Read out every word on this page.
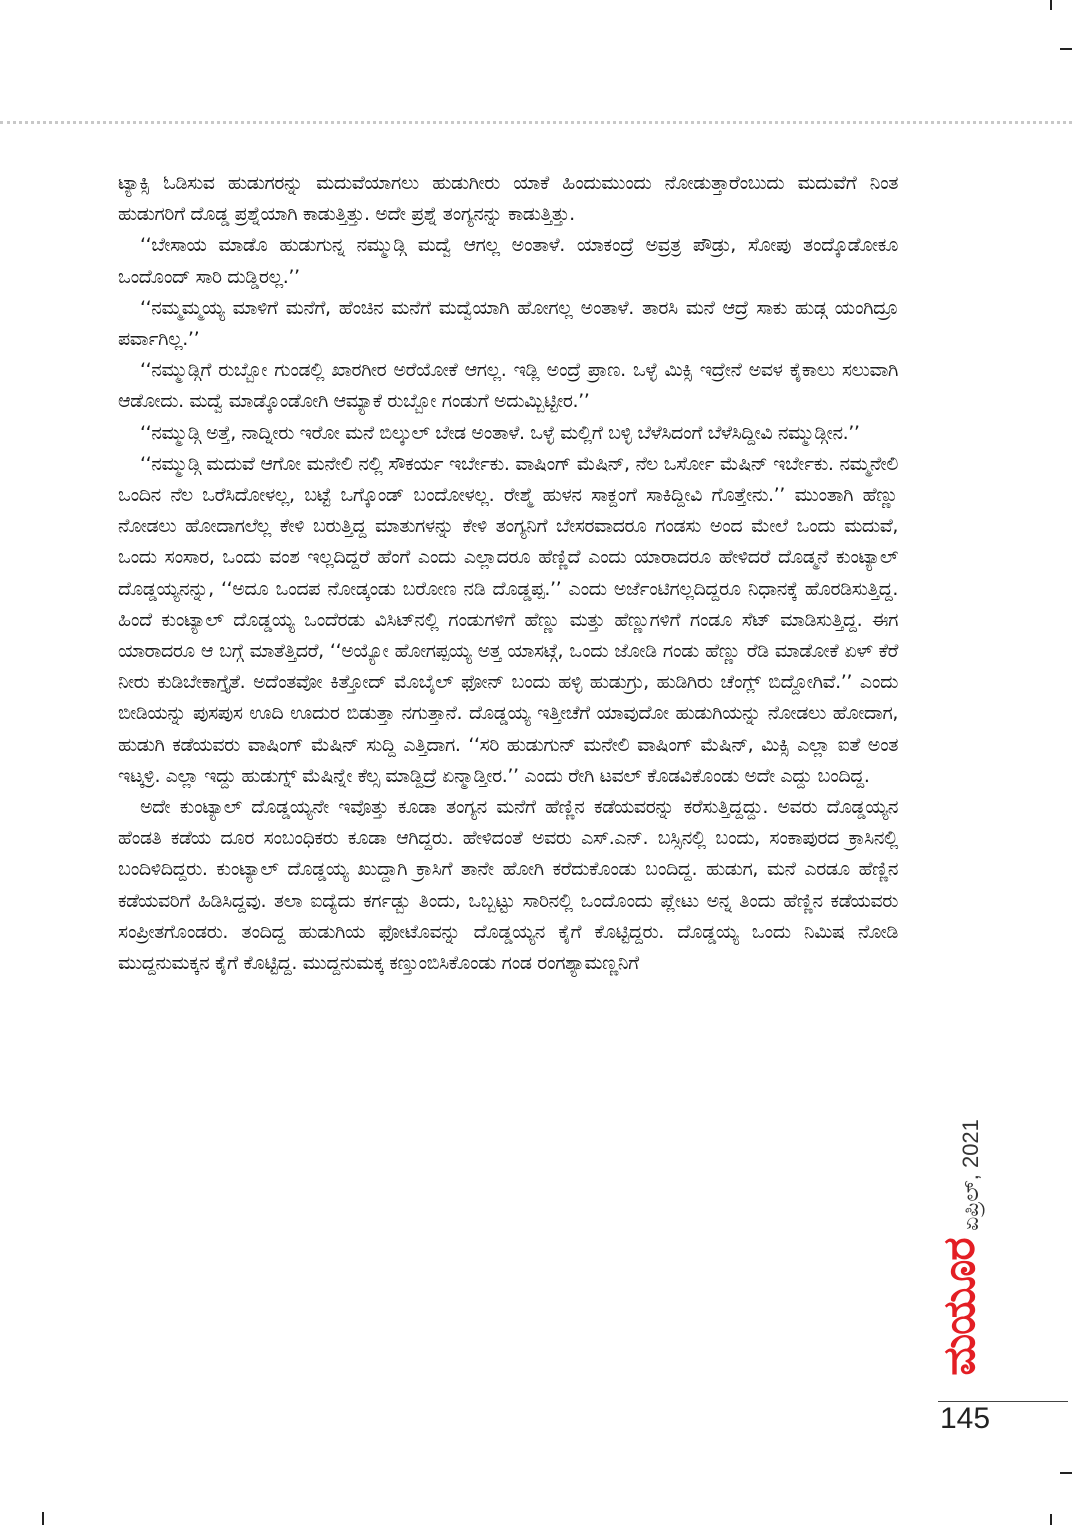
ಟ್ಯಾಕ್ಸಿ ಓಡಿಸುವ ಹುಡುಗರನ್ನು ಮದುವೆಯಾಗಲು ಹುಡುಗೀರು ಯಾಕೆ ಹಿಂದುಮುಂದು ನೋಡುತ್ತಾರೆಂಬುದು ಮದುವೆಗೆ ನಿಂತ ಹುಡುಗರಿಗೆ ದೊಡ್ಡ ಪ್ರಶ್ನೆಯಾಗಿ ಕಾಡುತ್ತಿತ್ತು. ಅದೇ ಪ್ರಶ್ನೆ ತಂಗ್ಯನನ್ನು ಕಾಡುತ್ತಿತ್ತು.

‘‘ಬೇಸಾಯ ಮಾಡೊ ಹುಡುಗುನ್ನ ನಮ್ಮುಡ್ಗಿ ಮದ್ವೆ ಆಗಲ್ಲ ಅಂತಾಳೆ. ಯಾಕಂದ್ರೆ ಅವ್ರತ್ರ ಪೌಡ್ರು, ಸೋಪು ತಂದ್ಕೊಡೋಕೂ ಒಂದೊಂದ್ ಸಾರಿ ದುಡ್ಡಿರಲ್ಲ.’’

‘‘ನಮ್ಮಮ್ಮಯ್ಯ ಮಾಳಿಗೆ ಮನೆಗೆ, ಹೆಂಚಿನ ಮನೆಗೆ ಮದ್ವೆಯಾಗಿ ಹೋಗಲ್ಲ ಅಂತಾಳೆ. ತಾರಸಿ ಮನೆ ಆದ್ರೆ ಸಾಕು ಹುಡ್ಗ ಯಂಗಿದ್ರೂ ಪರ್ವಾಗಿಲ್ಲ.’’

‘‘ನಮ್ಮುಡ್ಗಿಗೆ ರುಬ್ಬೋ ಗುಂಡಲ್ಲಿ ಖಾರಗೀರ ಅರೆಯೋಕೆ ಆಗಲ್ಲ. ಇಡ್ಲಿ ಅಂದ್ರೆ ಪ್ರಾಣ. ಒಳ್ಳೆ ಮಿಕ್ಸಿ ಇದ್ರೇನೆ ಅವಳ ಕೈಕಾಲು ಸಲುವಾಗಿ ಆಡೋದು. ಮದ್ವೆ ಮಾಡ್ಕೊಂಡೋಗಿ ಆಮ್ಯಾಕೆ ರುಬ್ಬೋ ಗಂಡುಗೆ ಅದುಮ್ಬಿಟ್ಟೀರ.’’

‘‘ನಮ್ಮುಡ್ಗಿ ಅತ್ತೆ, ನಾದ್ನೀರು ಇರೋ ಮನೆ ಬಿಲ್ಕುಲ್ ಬೇಡ ಅಂತಾಳೆ. ಒಳ್ಳೆ ಮಲ್ಲಿಗೆ ಬಳ್ಳಿ ಬೆಳೆಸಿದಂಗೆ ಬೆಳೆಸಿದ್ದೀವಿ ನಮ್ಮುಡ್ಗೀನ.’’

‘‘ನಮ್ಮುಡ್ಗಿ ಮದುವೆ ಆಗೋ ಮನೇಲಿ ನಲ್ಲಿ ಸೌಕರ್ಯ ಇರ್ಬೇಕು. ವಾಷಿಂಗ್ ಮೆಷಿನ್, ನೆಲ ಒರ್ಸೋ ಮೆಷಿನ್ ಇರ್ಬೇಕು. ನಮ್ಮನೇಲಿ ಒಂದಿನ ನೆಲ ಒರೆಸಿದೋಳಲ್ಲ, ಬಟ್ಟೆ ಒಗ್ಕೊಂಡ್ ಬಂದೋಳಲ್ಲ. ರೇಶ್ಮೆ ಹುಳನ ಸಾಕ್ದಂಗೆ ಸಾಕಿದ್ದೀವಿ ಗೊತ್ತೇನು.’’ ಮುಂತಾಗಿ ಹೆಣ್ಣು ನೋಡಲು ಹೋದಾಗಲೆಲ್ಲ ಕೇಳಿ ಬರುತ್ತಿದ್ದ ಮಾತುಗಳನ್ನು ಕೇಳಿ ತಂಗ್ಯನಿಗೆ ಬೇಸರವಾದರೂ ಗಂಡಸು ಅಂದ ಮೇಲೆ ಒಂದು ಮದುವೆ, ಒಂದು ಸಂಸಾರ, ಒಂದು ವಂಶ ಇಲ್ಲದಿದ್ದರೆ ಹೆಂಗೆ ಎಂದು ಎಲ್ಲಾದರೂ ಹೆಣ್ಣಿದೆ ಎಂದು ಯಾರಾದರೂ ಹೇಳಿದರೆ ದೊಡ್ಮನೆ ಕುಂಟ್ಯಾಲ್ ದೊಡ್ಡಯ್ಯನನ್ನು, ‘‘ಅದೂ ಒಂದಪ ನೋಡ್ಕಂಡು ಬರೋಣ ನಡಿ ದೊಡ್ಡಪ್ಪ.’’ ಎಂದು ಅರ್ಜೆಂಟಿಗಲ್ಲದಿದ್ದರೂ ನಿಧಾನಕ್ಕೆ ಹೊರಡಿಸುತ್ತಿದ್ದ. ಹಿಂದೆ ಕುಂಟ್ಯಾಲ್ ದೊಡ್ಡಯ್ಯ ಒಂದೆರಡು ವಿಸಿಟ್‌ನಲ್ಲಿ ಗಂಡುಗಳಿಗೆ ಹೆಣ್ಣು ಮತ್ತು ಹೆಣ್ಣುಗಳಿಗೆ ಗಂಡೂ ಸೆಟ್ ಮಾಡಿಸುತ್ತಿದ್ದ. ಈಗ ಯಾರಾದರೂ ಆ ಬಗ್ಗೆ ಮಾತೆತ್ತಿದರೆ, ‘‘ಅಯ್ಯೋ ಹೋಗಪ್ಪಯ್ಯ ಅತ್ತ ಯಾಸಟ್ಗೆ, ಒಂದು ಜೋಡಿ ಗಂಡು ಹೆಣ್ಣು ರೆಡಿ ಮಾಡೋಕೆ ಏಳ್ ಕೆರೆ ನೀರು ಕುಡಿಬೇಕಾಗ್ತೈತೆ. ಅದೆಂತವೋ ಕಿತ್ತೋದ್ ಮೊಬೈಲ್ ಫೋನ್ ಬಂದು ಹಳ್ಳಿ ಹುಡುಗ್ರು, ಹುಡಿಗಿರು ಚೆಂಗ್ಲ್ ಬಿದ್ದೋಗಿವೆ.’’ ಎಂದು ಬೀಡಿಯನ್ನು ಪುಸಪುಸ ಊದಿ ಊದುರ ಬಿಡುತ್ತಾ ನಗುತ್ತಾನೆ. ದೊಡ್ಡಯ್ಯ ಇತ್ತೀಚೆಗೆ ಯಾವುದೋ ಹುಡುಗಿಯನ್ನು ನೋಡಲು ಹೋದಾಗ, ಹುಡುಗಿ ಕಡೆಯವರು ವಾಷಿಂಗ್ ಮೆಷಿನ್ ಸುದ್ದಿ ಎತ್ತಿದಾಗ. ‘‘ಸರಿ ಹುಡುಗುನ್ ಮನೇಲಿ ವಾಷಿಂಗ್ ಮೆಷಿನ್, ಮಿಕ್ಸಿ ಎಲ್ಲಾ ಐತೆ ಅಂತ ಇಟ್ಕಳ್ರಿ. ಎಲ್ಲಾ ಇದ್ದು ಹುಡುಗ್ನ್ ಮೆಷಿನ್ನೇ ಕೆಲ್ಸ ಮಾಡ್ದಿದ್ರೆ ಏನ್ಮಾಡ್ತೀರ.’’ ಎಂದು ರೇಗಿ ಟವಲ್ ಕೊಡವಿಕೊಂಡು ಅದೇ ಎದ್ದು ಬಂದಿದ್ದ.

ಅದೇ ಕುಂಟ್ಯಾಲ್ ದೊಡ್ಡಯ್ಯನೇ ಇವೊತ್ತು ಕೂಡಾ ತಂಗ್ಯನ ಮನೆಗೆ ಹೆಣ್ಣಿನ ಕಡೆಯವರನ್ನು ಕರೆಸುತ್ತಿದ್ದದ್ದು. ಅವರು ದೊಡ್ಡಯ್ಯನ ಹೆಂಡತಿ ಕಡೆಯ ದೂರ ಸಂಬಂಧಿಕರು ಕೂಡಾ ಆಗಿದ್ದರು. ಹೇಳಿದಂತೆ ಅವರು ಎಸ್.ಎನ್. ಬಸ್ಸಿನಲ್ಲಿ ಬಂದು, ಸಂಕಾಪುರದ ಕ್ರಾಸಿನಲ್ಲಿ ಬಂದಿಳಿದಿದ್ದರು. ಕುಂಟ್ಯಾಲ್ ದೊಡ್ಡಯ್ಯ ಖುದ್ದಾಗಿ ಕ್ರಾಸಿಗೆ ತಾನೇ ಹೋಗಿ ಕರೆದುಕೊಂಡು ಬಂದಿದ್ದ. ಹುಡುಗ, ಮನೆ ಎರಡೂ ಹೆಣ್ಣಿನ ಕಡೆಯವರಿಗೆ ಹಿಡಿಸಿದ್ದವು. ತಲಾ ಐದ್ಯೆದು ಕರ್ಗಡ್ಬು ತಿಂದು, ಒಬ್ಬಟ್ಟು ಸಾರಿನಲ್ಲಿ ಒಂದೊಂದು ಪ್ಲೇಟು ಅನ್ನ ತಿಂದು ಹೆಣ್ಣಿನ ಕಡೆಯವರು ಸಂಪ್ರೀತಗೊಂಡರು. ತಂದಿದ್ದ ಹುಡುಗಿಯ ಫೋಟೊವನ್ನು ದೊಡ್ಡಯ್ಯನ ಕೈಗೆ ಕೊಟ್ಟಿದ್ದರು. ದೊಡ್ಡಯ್ಯ ಒಂದು ನಿಮಿಷ ನೋಡಿ ಮುದ್ದನುಮಕ್ಕನ ಕೈಗೆ ಕೊಟ್ಟಿದ್ದ. ಮುದ್ದನುಮಕ್ಕ ಕಣ್ತುಂಬಿಸಿಕೊಂಡು ಗಂಡ ರಂಗಶ್ಯಾಮಣ್ಣನಿಗೆ

ಏಪ್ರಿಲ್, 2021
ಮಯೂರ
145
